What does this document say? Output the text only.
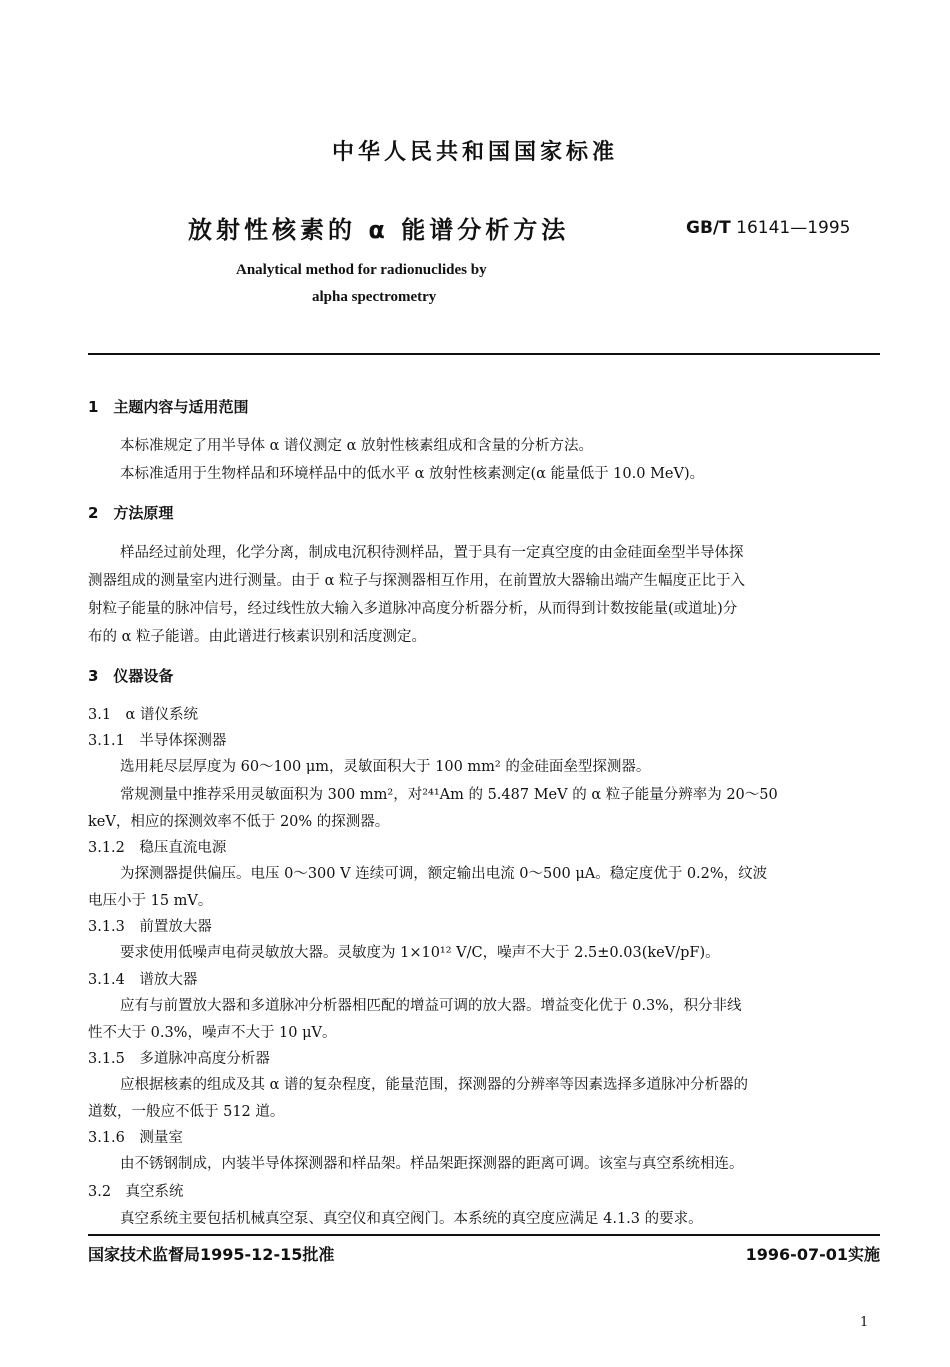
中华人民共和国国家标准
放射性核素的 α 能谱分析方法	GB/T 16141—1995
Analytical method for radionuclides by
alpha spectrometry
1　主题内容与适用范围
本标准规定了用半导体 α 谱仪测定 α 放射性核素组成和含量的分析方法。
本标准适用于生物样品和环境样品中的低水平 α 放射性核素测定(α 能量低于 10.0 MeV)。
2　方法原理
样品经过前处理，化学分离，制成电沉积待测样品，置于具有一定真空度的由金硅面垒型半导体探
测器组成的测量室内进行测量。由于 α 粒子与探测器相互作用，在前置放大器输出端产生幅度正比于入
射粒子能量的脉冲信号，经过线性放大输入多道脉冲高度分析器分析，从而得到计数按能量(或道址)分
布的 α 粒子能谱。由此谱进行核素识别和活度测定。
3　仪器设备
3.1　α 谱仪系统
3.1.1　半导体探测器
选用耗尽层厚度为 60～100 μm，灵敏面积大于 100 mm² 的金硅面垒型探测器。
常规测量中推荐采用灵敏面积为 300 mm²，对²⁴¹Am 的 5.487 MeV 的 α 粒子能量分辨率为 20～50
keV，相应的探测效率不低于 20% 的探测器。
3.1.2　稳压直流电源
为探测器提供偏压。电压 0～300 V 连续可调，额定输出电流 0～500 μA。稳定度优于 0.2%，纹波
电压小于 15 mV。
3.1.3　前置放大器
要求使用低噪声电荷灵敏放大器。灵敏度为 1×10¹² V/C，噪声不大于 2.5±0.03(keV/pF)。
3.1.4　谱放大器
应有与前置放大器和多道脉冲分析器相匹配的增益可调的放大器。增益变化优于 0.3%，积分非线
性不大于 0.3%，噪声不大于 10 μV。
3.1.5　多道脉冲高度分析器
应根据核素的组成及其 α 谱的复杂程度，能量范围，探测器的分辨率等因素选择多道脉冲分析器的
道数，一般应不低于 512 道。
3.1.6　测量室
由不锈钢制成，内装半导体探测器和样品架。样品架距探测器的距离可调。该室与真空系统相连。
3.2　真空系统
真空系统主要包括机械真空泵、真空仪和真空阀门。本系统的真空度应满足 4.1.3 的要求。
国家技术监督局1995-12-15批准	1996-07-01实施
1
